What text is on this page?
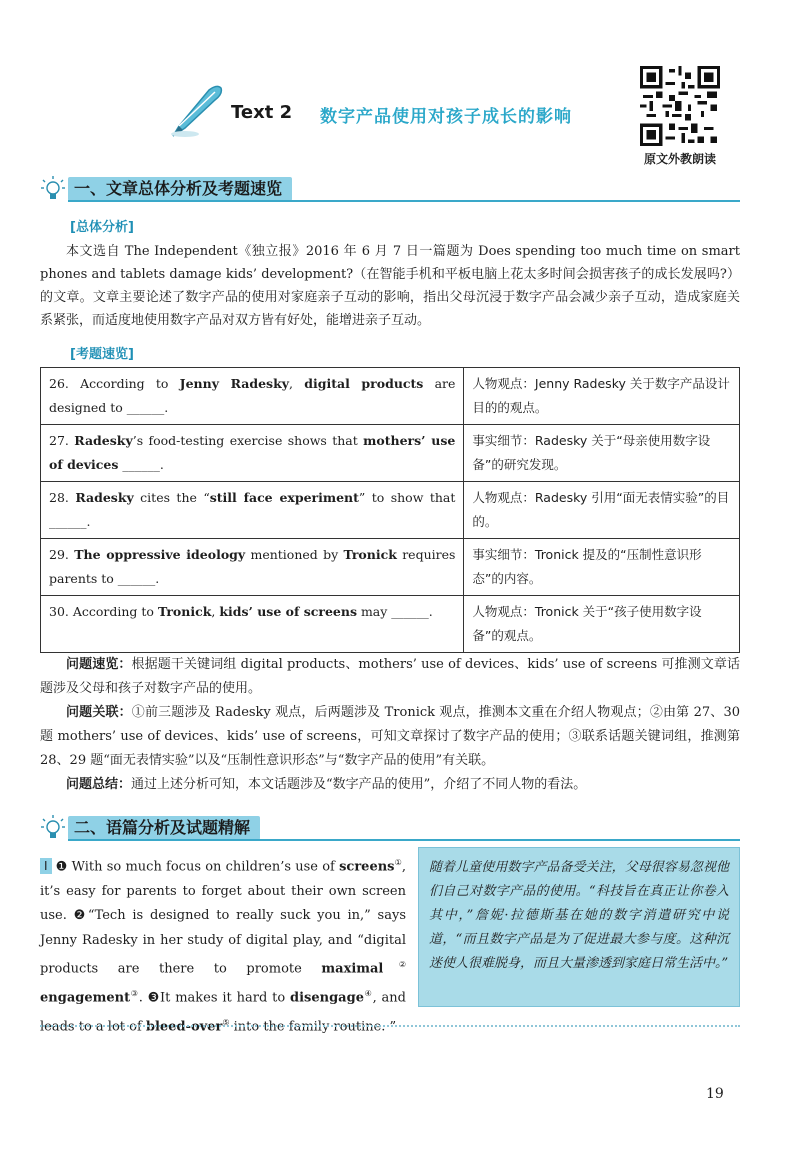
Text 2 数字产品使用对孩子成长的影响
原文外教朗读
一、文章总体分析及考题速览
[总体分析]
本文选自 The Independent《独立报》2016 年 6 月 7 日一篇题为 Does spending too much time on smart phones and tablets damage kids’ development?（在智能手机和平板电脑上花太多时间会损害孩子的成长发展吗?）的文章。文章主要论述了数字产品的使用对家庭亲子互动的影响，指出父母沉浸于数字产品会减少亲子互动，造成家庭关系紧张，而适度地使用数字产品对双方皆有好处，能增进亲子互动。
[考题速览]
26. According to Jenny Radesky, digital products are designed to ______.	人物观点：Jenny Radesky 关于数字产品设计目的的观点。
27. Radesky’s food-testing exercise shows that mothers’ use of devices ______.	事实细节：Radesky 关于“母亲使用数字设备”的研究发现。
28. Radesky cites the “still face experiment” to show that ______.	人物观点：Radesky 引用“面无表情实验”的目的。
29. The oppressive ideology mentioned by Tronick requires parents to ______.	事实细节：Tronick 提及的“压制性意识形态”的内容。
30. According to Tronick, kids’ use of screens may ______.	人物观点：Tronick 关于“孩子使用数字设备”的观点。

问题速览：根据题干关键词组 digital products、mothers’ use of devices、kids’ use of screens 可推测文章话题涉及父母和孩子对数字产品的使用。

问题关联：①前三题涉及 Radesky 观点，后两题涉及 Tronick 观点，推测本文重在介绍人物观点；②由第 27、30 题 mothers’ use of devices、kids’ use of screens，可知文章探讨了数字产品的使用；③联系话题关键词组，推测第 28、29 题“面无表情实验”以及“压制性意识形态”与“数字产品的使用”有关联。

问题总结：通过上述分析可知，本文话题涉及“数字产品的使用”，介绍了不同人物的看法。

二、语篇分析及试题精解
Ⅰ ❶ With so much focus on children’s use of screens①, it’s easy for parents to forget about their own screen use. ❷“Tech is designed to really suck you in,” says Jenny Radesky in her study of digital play, and “digital products are there to promote maximal② engagement③. ❸It makes it hard to disengage④, and leads to a lot of bleed-over⑤ into the family routine. ”
随着儿童使用数字产品备受关注，父母很容易忽视他们自己对数字产品的使用。“科技旨在真正让你卷入其中，”詹妮·拉德斯基在她的数字消遣研究中说道，“而且数字产品是为了促进最大参与度。这种沉迷使人很难脱身，而且大量渗透到家庭日常生活中。”
19
